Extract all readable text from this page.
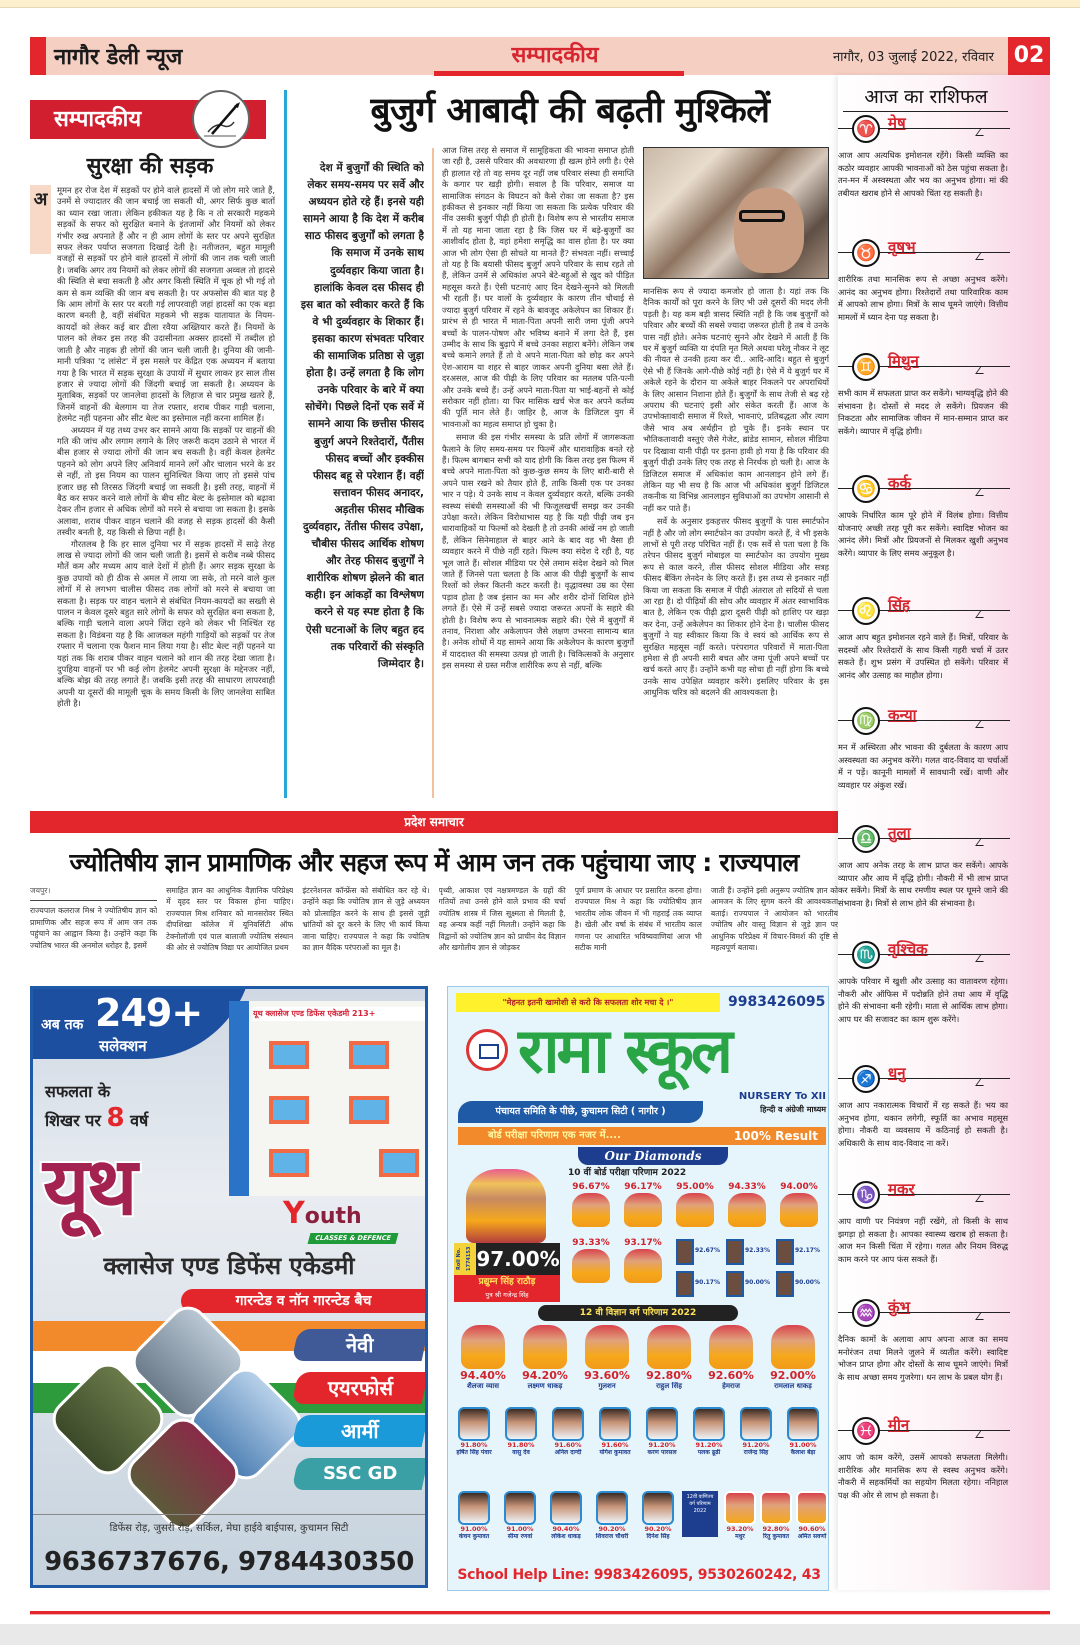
नागौर डेली न्यूज	सम्पादकीय	नागौर, 03 जुलाई 2022, रविवार 02
सम्पादकीय
सुरक्षा की सड़क
अ	मूमन हर रोज देश में सड़कों पर होने वाले हादसों में जो लोग मारे जाते हैं, उनमें से ज्यादातर की जान बचाई जा सकती थी, अगर सिर्फ कुछ बातों का ध्यान रखा जाता। लेकिन हकीकत यह है कि न तो सरकारी महकमे सड़कों के सफर को सुरक्षित बनाने के इंतजामों और नियमों को लेकर गंभीर रुख अपनाते हैं और न ही आम लोगों के स्तर पर अपने सुरक्षित सफर लेकर पर्याप्त सजगता दिखाई देती है। नतीजतन, बहुत मामूली वजहों से सड़कों पर होने वाले हादसों में लोगों की जान तक चली जाती है। जबकि अगर तय नियमों को लेकर लोगों की सजगता अव्वल तो हादसे की स्थिति से बचा सकती है और अगर किसी स्थिति में चूक हो भी गई तो कम से कम व्यक्ति की जान बच सकती है। पर अफसोस की बात यह है कि आम लोगों के स्तर पर बरती गई लापरवाही जहां हादसों का एक बड़ा कारण बनती है, वहीं संबंधित महकमे भी सड़क यातायात के नियम-कायदों को लेकर कई बार ढीला रवैया अख्तियार करते हैं। नियमों के पालन को लेकर इस तरह की उदासीनता अक्सर हादसों में तब्दील हो जाती है और नाहक ही लोगों की जान चली जाती है। दुनिया की जानी-मानी पत्रिका 'द लांसेट' में इस मसले पर केंद्रित एक अध्ययन में बताया गया है कि भारत में सड़क सुरक्षा के उपायों में सुधार लाकर हर साल तीस हजार से ज्यादा लोगों की जिंदगी बचाई जा सकती है। अध्ययन के मुताबिक, सड़कों पर जानलेवा हादसों के लिहाज से चार प्रमुख खतरे हैं, जिनमें वाहनों की बेलगाम या तेज रफ्तार, शराब पीकर गाड़ी चलाना, हेलमेट नहीं पहनना और सीट बेल्ट का इस्तेमाल नहीं करना शामिल हैं।

अध्ययन में यह तथ्य उभर कर सामने आया कि सड़कों पर वाहनों की गति की जांच और लगाम लगाने के लिए जरूरी कदम उठाने से भारत में बीस हजार से ज्यादा लोगों की जान बच सकती है। वहीं केवल हेलमेट पहनने को लोग अपने लिए अनिवार्य मानने लगें और चालान भरने के डर से नहीं, तो इस नियम का पालन सुनिश्चित किया जाए तो इससे पांच हजार छह सौ तिरसठ जिंदगी बचाई जा सकती है। इसी तरह, वाहनों में बैठ कर सफर करने वाले लोगों के बीच सीट बेल्ट के इस्तेमाल को बढ़ावा देकर तीन हजार से अधिक लोगों को मरने से बचाया जा सकता है। इसके अलावा, शराब पीकर वाहन चलाने की वजह से सड़क हादसों की कैसी तस्वीर बनती है, यह किसी से छिपा नहीं है।

गौरतलब है कि हर साल दुनिया भर में सड़क हादसों में साढ़े तेरह लाख से ज्यादा लोगों की जान चली जाती है। इसमें से करीब नब्बे फीसद मौतें कम और मध्यम आय वाले देशों में होती हैं। अगर सड़क सुरक्षा के कुछ उपायों को ही ठीक से अमल में लाया जा सके, तो मरने वाले कुल लोगों में से लगभग चालीस फीसद तक लोगों को मरने से बचाया जा सकता है। सड़क पर वाहन चलाने से संबंधित नियम-कायदों का सख्ती से पालन न केवल दूसरे बहुत सारे लोगों के सफर को सुरक्षित बना सकता है, बल्कि गाड़ी चलाने वाला अपने जिंदा रहने को लेकर भी निश्चिंत रह सकता है। विडंबना यह है कि आजकल महंगी गाड़ियों को सड़कों पर तेज रफ्तार में चलाना एक फैशन मान लिया गया है। सीट बेल्ट नहीं पहनने या यहां तक कि शराब पीकर वाहन चलाने को शान की तरह देखा जाता है। दुपहिया वाहनों पर भी कई लोग हेलमेट अपनी सुरक्षा के मद्देनजर नहीं, बल्कि बोझ की तरह लगाते हैं। जबकि इसी तरह की साधारण लापरवाही अपनी या दूसरों की मामूली चूक के समय किसी के लिए जानलेवा साबित होती है।

बुजुर्ग आबादी की बढ़ती मुश्किलें
देश में बुजुर्गों की स्थिति को लेकर समय-समय पर सर्वे और अध्ययन होते रहे हैं। इनसे यही सामने आया है कि देश में करीब साठ फीसद बुजुर्गों को लगता है कि समाज में उनके साथ दुर्व्यवहार किया जाता है। हालांकि केवल दस फीसद ही इस बात को स्वीकार करते हैं कि वे भी दुर्व्यवहार के शिकार हैं। इसका कारण संभवतः परिवार की सामाजिक प्रतिष्ठा से जुड़ा होता है। उन्हें लगता है कि लोग उनके परिवार के बारे में क्या सोचेंगे। पिछले दिनों एक सर्वे में सामने आया कि छत्तीस फीसद बुजुर्ग अपने रिश्तेदारों, पैंतीस फीसद बच्चों और इक्कीस फीसद बहू से परेशान हैं। वहीं सत्तावन फीसद अनादर, अड़तीस फीसद मौखिक दुर्व्यवहार, तेंतीस फीसद उपेक्षा, चौबीस फीसद आर्थिक शोषण और तेरह फीसद बुजुर्गों ने शारीरिक शोषण झेलने की बात कही। इन आंकड़ों का विश्लेषण करने से यह स्पष्ट होता है कि ऐसी घटनाओं के लिए बहुत हद तक परिवारों की संस्कृति जिम्मेदार है।

आज जिस तरह से समाज में सामूहिकता की भावना समाप्त होती जा रही है, उससे परिवार की अवधारणा ही खत्म होने लगी है। ऐसे ही हालात रहे तो वह समय दूर नहीं जब परिवार संस्था ही समाप्ति के कगार पर खड़ी होगी। सवाल है कि परिवार, समाज या सामाजिक संगठन के विघटन को कैसे रोका जा सकता है? इस हकीकत से इनकार नहीं किया जा सकता कि प्रत्येक परिवार की नींव उसकी बुजुर्ग पीढ़ी ही होती है। विशेष रूप से भारतीय समाज में तो यह माना जाता रहा है कि जिस घर में बड़े-बुजुर्गों का आशीर्वाद होता है, वहां हमेशा समृद्धि का वास होता है। पर क्या आज भी लोग ऐसा ही सोचते या मानते हैं? संभवतः नहीं। सच्चाई तो यह है कि बयासी फीसद बुजुर्ग अपने परिवार के साथ रहते तो हैं, लेकिन उनमें से अधिकांश अपने बेटे-बहुओं से खुद को पीड़ित महसूस करते हैं। ऐसी घटनाएं आए दिन देखने-सुनने को मिलती भी रहती हैं। घर वालों के दुर्व्यवहार के कारण तीन चौथाई से ज्यादा बुजुर्ग परिवार में रहने के बावजूद अकेलेपन का शिकार हैं। प्रारंभ से ही भारत में माता-पिता अपनी सारी जमा पूंजी अपने बच्चों के पालन-पोषण और भविष्य बनाने में लगा देते हैं, इस उम्मीद के साथ कि बुढ़ापे में बच्चे उनका सहारा बनेंगे। लेकिन जब बच्चे कमाने लगते हैं तो वे अपने माता-पिता को छोड़ कर अपने ऐश-आराम या शहर से बाहर जाकर अपनी दुनिया बसा लेते हैं। दरअसल, आज की पीढ़ी के लिए परिवार का मतलब पति-पत्नी और उनके बच्चे हैं। उन्हें अपने माता-पिता या भाई-बहनों से कोई सरोकार नहीं होता। या फिर मासिक खर्च भेज कर अपने कर्तव्य की पूर्ति मान लेते हैं। जाहिर है, आज के डिजिटल युग में भावनाओं का महत्व समाप्त हो चुका है।

समाज की इस गंभीर समस्या के प्रति लोगों में जागरूकता फैलाने के लिए समय-समय पर फिल्में और धारावाहिक बनते रहे हैं। फिल्म बागबान सभी को याद होगी कि किस तरह इस फिल्म में बच्चे अपने माता-पिता को कुछ-कुछ समय के लिए बारी-बारी से अपने पास रखने को तैयार होते हैं, ताकि किसी एक पर उनका भार न पड़े। ये उनके साथ न केवल दुर्व्यवहार करते, बल्कि उनकी स्वस्थ्य संबंधी समस्याओं की भी फिजूलखर्ची समझ कर उनकी उपेक्षा करते। लेकिन विरोधाभास यह है कि यही पीढ़ी जब इन धारावाहिकों या फिल्मों को देखती है तो उनकी आंखें नम हो जाती हैं, लेकिन सिनेमाहाल से बाहर आने के बाद वह भी वैसा ही व्यवहार करने में पीछे नहीं रहते। फिल्म क्या संदेश दे रही है, यह भूल जाते हैं। सोशल मीडिया पर ऐसे तमाम संदेश देखने को मिल जाते हैं जिनसे पता चलता है कि आज की पीढ़ी बुजुर्गों के साथ रिश्तों को लेकर कितनी कटर करती है। वृद्धावस्था उम्र का ऐसा पड़ाव होता है जब इंसान का मन और शरीर दोनों शिथिल होने लगते हैं। ऐसे में उन्हें सबसे ज्यादा जरूरत अपनों के सहारे की होती है। विशेष रूप से भावनात्मक सहारे की। ऐसे में बुजुर्गों में तनाव, निराशा और अकेलापन जैसे लक्षण उभरना सामान्य बात है। अनेक शोधों में यह सामने आया कि अकेलेपन के कारण बुजुर्गों में याददाश्त की समस्या उत्पन्न हो जाती है। चिकित्सकों के अनुसार इस समस्या से ग्रस्त मरीज शारीरिक रूप से नहीं, बल्कि

मानसिक रूप से ज्यादा कमजोर हो जाता है। यहां तक कि दैनिक कार्यों को पूरा करने के लिए भी उसे दूसरों की मदद लेनी पड़ती है। यह कम बड़ी त्रासद स्थिति नहीं है कि जब बुजुर्गों को परिवार और बच्चों की सबसे ज्यादा जरूरत होती है तब वे उनके पास नहीं होते। अनेक घटनाएं सुनने और देखने में आती हैं कि घर में बुजुर्ग व्यक्ति या दंपति मृत मिले अथवा घरेलू नौकर ने लूट की नीयत से उनकी हत्या कर दी.. आदि-आदि। बहुत से बुजुर्ग ऐसे भी हैं जिनके आगे-पीछे कोई नहीं है। ऐसे में ये बुजुर्ग घर में अकेले रहने के दौरान या अकेले बाहर निकलने पर अपराधियों के लिए आसान निशाना होते हैं। बुजुर्गों के साथ तेजी से बढ़ रहे अपराध की घटनाएं इसी ओर संकेत करती हैं। आज के उपभोक्तावादी समाज में रिश्ते, भावनाएं, प्रतिबद्धता और त्याग जैसे भाव अब अर्थहीन हो चुके हैं। इनके स्थान पर भौतिकतावादी वस्तुएं जैसे गेजेट, ब्रांडेड सामान, सोशल मीडिया पर दिखावा यानी पीढ़ी पर इतना हावी हो गया है कि परिवार की बुजुर्ग पीढ़ी उनके लिए एक तरह से निरर्थक हो चली है। आज के डिजिटल समाज में अधिकांश काम आनलाइन होने लगे हैं। लेकिन यह भी सच है कि आज भी अधिकांश बुजुर्ग डिजिटल तकनीक या विभिन्न आनलाइन सुविधाओं का उपभोग आसानी से नहीं कर पाते हैं।

सर्वे के अनुसार इकहत्तर फीसद बुजुर्गों के पास स्मार्टफोन नहीं है और जो लोग स्मार्टफोन का उपयोग करते हैं, वे भी इसके लाभों से पूरी तरह परिचित नहीं हैं। एक सर्वे से पता चला है कि तरेपन फीसद बुजुर्ग मोबाइल या स्मार्टफोन का उपयोग मुख्य रूप से काल करने, तीस फीसद सोशल मीडिया और सत्रह फीसद बैंकिंग लेनदेन के लिए करते हैं। इस तथ्य से इनकार नहीं किया जा सकता कि समाज में पीढ़ी अंतराल तो सदियों से चला आ रहा है। दो पीढ़ियों की सोच और व्यवहार में अंतर स्वाभाविक बात है, लेकिन एक पीढ़ी द्वारा दूसरी पीढ़ी को हाशिए पर खड़ा कर देना, उन्हें अकेलेपन का शिकार होने देना है। चालीस फीसद बुजुर्गों ने यह स्वीकार किया कि वे स्वयं को आर्थिक रूप से सुरक्षित महसूस नहीं करते। परंपरागत परिवारों में माता-पिता हमेशा से ही अपनी सारी बचत और जमा पूंजी अपने बच्चों पर खर्च करते आए हैं। उन्होंने कभी यह सोचा ही नहीं होगा कि बच्चे उनके साथ उपेक्षित व्यवहार करेंगे। इसलिए परिवार के इस आधुनिक चरित्र को बदलने की आवश्यकता है।

प्रदेश समाचार
ज्योतिषीय ज्ञान प्रामाणिक और सहज रूप में आम जन तक पहुंचाया जाए : राज्यपाल
जयपुर।
राज्यपाल कलराज मिश्र ने ज्योतिषीय ज्ञान को प्रामाणिक और सहज रूप में आम जन तक पहुंचाने का आह्वान किया है। उन्होंने कहा कि ज्योतिष भारत की अनमोल धरोहर है, इसमें
समाहित ज्ञान का आधुनिक वैज्ञानिक परिप्रेक्ष्य में वृहद स्तर पर विकास होना चाहिए। राज्यपाल मिश्र शनिवार को मानसरोवर स्थित दीपशिखा कॉलेज में यूनिवर्सिटी ऑफ टेक्नोलॉजी एवं पाल बालाजी ज्योतिष संस्थान की ओर से ज्योतिष विद्या पर आयोजित प्रथम
इंटरनेशनल कॉन्फ्रेंस को संबोधित कर रहे थे। उन्होंने कहा कि ज्योतिष ज्ञान से जुड़े अध्ययन को प्रोत्साहित करने के साथ ही इससे जुड़ी भ्रांतियों को दूर करने के लिए भी कार्य किया जाना चाहिए। राज्यपाल ने कहा कि ज्योतिष का ज्ञान वैदिक परंपराओं का मूल है।
पृथ्वी, आकाश एवं नक्षत्रमण्डल के ग्रहों की गतियों तथा उनसे होने वाले प्रभाव की चर्चा ज्योतिष शास्त्र में जिस सूक्ष्मता से मिलती है, वह अन्यत्र कहीं नहीं मिलती। उन्होंने कहा कि विद्वानों को ज्योतिष ज्ञान को प्राचीन वेद विज्ञान और खगोलीय ज्ञान से जोड़कर
पूर्ण प्रमाण के आधार पर प्रसारित करना होगा। राज्यपाल मिश्र ने कहा कि ज्योतिषीय ज्ञान भारतीय लोक जीवन में भी गहराई तक व्याप्त है। खेती और वर्षा के संबंध में भारतीय काल गणना पर आधारित भविष्यवाणियां आज भी सटीक मानी
जाती हैं। उन्होंने इसी अनुरूप ज्योतिष ज्ञान को आमजन के लिए सुगम करने की आवश्यकता बताई। राज्यपाल ने आयोजन को भारतीय ज्योतिष और वास्तु विज्ञान से जुड़े ज्ञान पर आधुनिक परिप्रेक्ष्य में विचार-विमर्श की दृष्टि से महत्वपूर्ण बताया।
अब तक 249+
सलेक्शन
यूथ क्लासेज एण्ड डिफेंस एकेडमी 213+
सफलता के
शिखर पर 8 वर्ष
यूथ	Youth
CLASSES & DEFENCE
क्लासेज एण्ड डिफेंस एकेडमी
गारन्टेड व नॉन गारन्टेड बैच
नेवी
एयरफोर्स
आर्मी
SSC GD
डिफेंस रोड़, जुसरी रोड़, सर्किल, मेघा हाईवे बाईपास, कुचामन सिटी
9636737676, 9784430350
"मेहनत इतनी खामोशी से करो कि सफलता शोर मचा दे ।"	9983426095
रामा स्कूल
NURSERY To XII
हिन्दी व अंग्रेजी माध्यम
पंचायत समिति के पीछे, कुचामन सिटी ( नागौर )
बोर्ड परीक्षा परिणाम एक नजर में....	100% Result
Our Diamonds
10 वीं बोर्ड परीक्षा परिणाम 2022
Roll No. 1774153 97.00%
प्रद्युम्न सिंह राठौड़
पुत्र श्री गजेन्द्र सिंह
96.67%	96.17%	95.00%	94.33%	94.00%
93.33%	93.17%
92.67%	92.33%	92.17%
90.17%	90.00%	90.00%
12 वी विज्ञान वर्ग परिणाम 2022
94.40%
शैलजा व्यास
94.20%
लक्ष्मण धाकड़
93.60%
गुलशन
92.80%
राहुल सिंह
92.60%
हेमराज
92.00%
रामलाल धाकड़
91.80%
हर्षित सिंह पंवार
91.80%
वासु देव
91.60%
अनिल दाग्दी
91.60%
योगेश कुमावत
91.20%
करण पारसल
91.20%
पलक ढूढी
91.20%
राजेन्द्र सिंह
91.00%
कैलाश बेड़ा
91.00%
कंचन कुमावत
91.00%
सीमा रणवां
90.40%
लोकेश धाकड़
90.20%
शिवराज चौधरी
90.20%
दिनेश सिंह
12वीं वाणिज्य वर्ग परिणाम 2022
93.20%
मधुर
92.80%
रितु कुमावत
90.60%
अमित सवर्णा
School Help Line: 9983426095, 9530260242, 43
आज का राशिफल
♈ मेष
आज आप अत्यधिक इमोशनल रहेंगे। किसी व्यक्ति का कठोर व्यवहार आपकी भावनाओं को ठेस पहुंचा सकता है। तन-मन में अस्वस्थता और भय का अनुभव होगा। मां की तबीयत खराब होने से आपको चिंता रह सकती है।
♉ वृषभ
शारीरिक तथा मानसिक रूप से अच्छा अनुभव करेंगे। आनंद का अनुभव होगा। रिश्तेदारों तथा पारिवारिक काम में आपको लाभ होगा। मित्रों के साथ घूमने जाएंगे। वित्तीय मामलों में ध्यान देना पड़ सकता है।
♊ मिथुन
सभी काम में सफलता प्राप्त कर सकेंगे। भाग्यवृद्धि होने की संभावना है। दोस्तों से मदद ले सकेंगे। प्रियजन की निकटता और सामाजिक जीवन में मान-सम्मान प्राप्त कर सकेंगे। व्यापार में वृद्धि होगी।
♋ कर्क
आपके निर्धारित काम पूरे होने में विलंब होगा। वित्तीय योजनाएं अच्छी तरह पूरी कर सकेंगे। स्वादिष्ट भोजन का आनंद लेंगे। मित्रों और प्रियजनों से मिलकर खुशी अनुभव करेंगे। व्यापार के लिए समय अनुकूल है।
♌ सिंह
आज आप बहुत इमोशनल रहने वाले हैं। मित्रों, परिवार के सदस्यों और रिश्तेदारों के साथ किसी गहरी चर्चा में उतर सकते हैं। शुभ प्रसंग में उपस्थित हो सकेंगे। परिवार में आनंद और उत्साह का माहौल होगा।
♍ कन्या
मन में अस्थिरता और भावना की दुर्बलता के कारण आप अस्वस्थता का अनुभव करेंगे। गलत वाद-विवाद या चर्चाओं में न पड़ें। कानूनी मामलों में सावधानी रखें। वाणी और व्यवहार पर अंकुश रखें।
♎ तुला
आज आप अनेक तरह के लाभ प्राप्त कर सकेंगे। आपके व्यापार और आय में वृद्धि होगी। नौकरी में भी लाभ प्राप्त कर सकेंगे। मित्रों के साथ रमणीय स्थल पर घूमने जाने की संभावना है। मित्रों से लाभ होने की संभावना है।
♏ वृश्चिक
आपके परिवार में खुशी और उत्साह का वातावरण रहेगा। नौकरी और ऑफिस में पदोन्नति होने तथा आय में वृद्धि होने की संभावना बनी रहेगी। माता से आर्थिक लाभ होगा। आप घर की सजावट का काम शुरू करेंगे।
♐ धनु
आज आप नकारात्मक विचारों में रह सकते हैं। भय का अनुभव होगा, थकान लगेगी, स्फूर्ति का अभाव महसूस होगा। नौकरी या व्यवसाय में कठिनाई हो सकती है। अधिकारी के साथ वाद-विवाद ना करें।
♑ मकर
आप वाणी पर नियंत्रण नहीं रखेंगे, तो किसी के साथ झगड़ा हो सकता है। आपका स्वास्थ्य खराब हो सकता है। आज मन किसी चिंता में रहेगा। गलत और नियम विरुद्ध काम करने पर आप फंस सकते हैं।
♒ कुंभ
दैनिक कामों के अलावा आप अपना आज का समय मनोरंजन तथा मिलने जुलने में व्यतीत करेंगे। स्वादिष्ट भोजन प्राप्त होगा और दोस्तों के साथ घूमने जाएंगे। मित्रों के साथ अच्छा समय गुजरेगा। धन लाभ के प्रबल योग हैं।
♓ मीन
आप जो काम करेंगे, उसमें आपको सफलता मिलेगी। शारीरिक और मानसिक रूप से स्वस्थ अनुभव करेंगे। नौकरी में सहकर्मियों का सहयोग मिलता रहेगा। ननिहाल पक्ष की ओर से लाभ हो सकता है।
